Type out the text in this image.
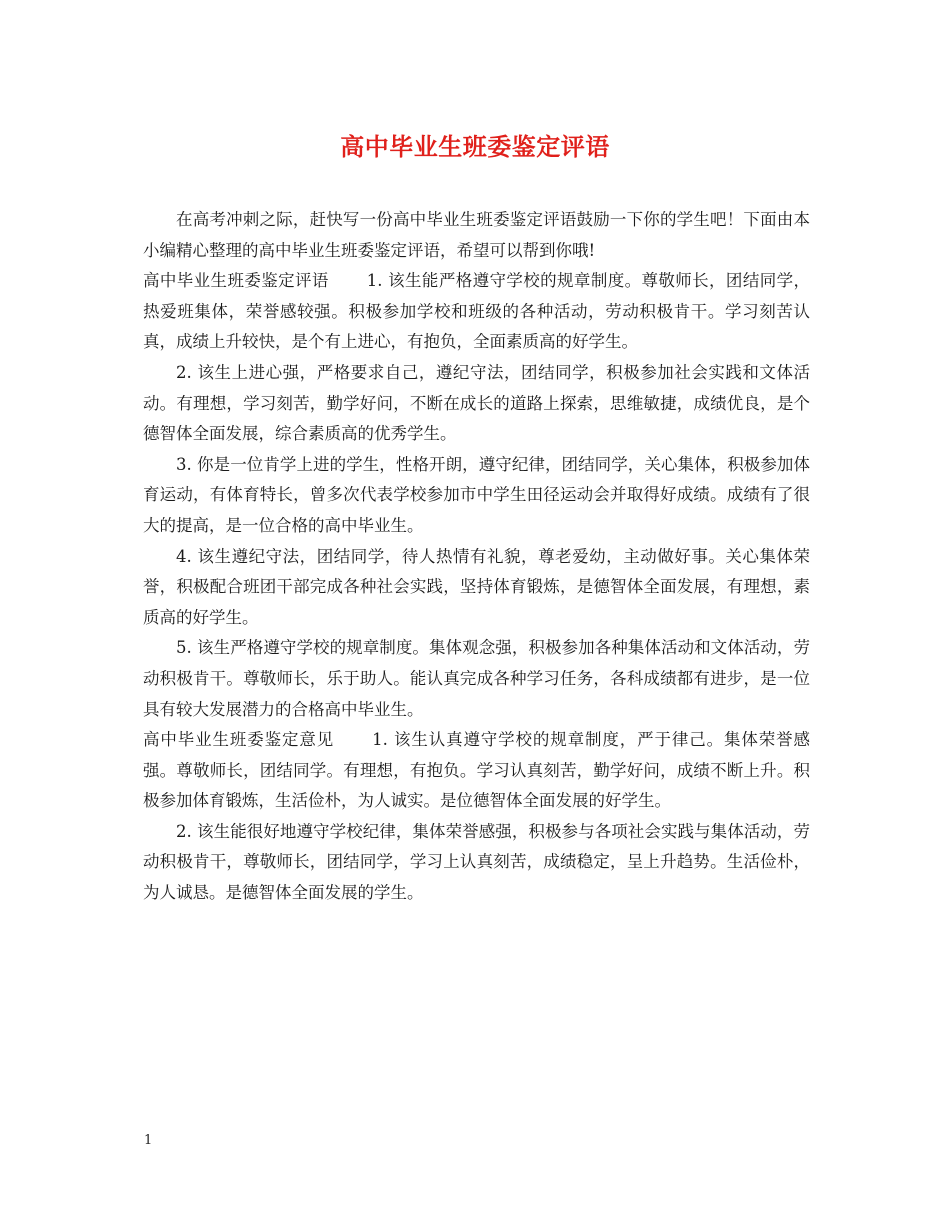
高中毕业生班委鉴定评语

在高考冲刺之际，赶快写一份高中毕业生班委鉴定评语鼓励一下你的学生吧！下面由本小编精心整理的高中毕业生班委鉴定评语，希望可以帮到你哦!

高中毕业生班委鉴定评语 1. 该生能严格遵守学校的规章制度。尊敬师长，团结同学，热爱班集体，荣誉感较强。积极参加学校和班级的各种活动，劳动积极肯干。学习刻苦认真，成绩上升较快，是个有上进心，有抱负，全面素质高的好学生。

2. 该生上进心强，严格要求自己，遵纪守法，团结同学，积极参加社会实践和文体活动。有理想，学习刻苦，勤学好问，不断在成长的道路上探索，思维敏捷，成绩优良，是个德智体全面发展，综合素质高的优秀学生。

3. 你是一位肯学上进的学生，性格开朗，遵守纪律，团结同学，关心集体，积极参加体育运动，有体育特长，曾多次代表学校参加市中学生田径运动会并取得好成绩。成绩有了很大的提高，是一位合格的高中毕业生。

4. 该生遵纪守法，团结同学，待人热情有礼貌，尊老爱幼，主动做好事。关心集体荣誉，积极配合班团干部完成各种社会实践，坚持体育锻炼，是德智体全面发展，有理想，素质高的好学生。

5. 该生严格遵守学校的规章制度。集体观念强，积极参加各种集体活动和文体活动，劳动积极肯干。尊敬师长，乐于助人。能认真完成各种学习任务，各科成绩都有进步，是一位具有较大发展潜力的合格高中毕业生。

高中毕业生班委鉴定意见 1. 该生认真遵守学校的规章制度，严于律己。集体荣誉感强。尊敬师长，团结同学。有理想，有抱负。学习认真刻苦，勤学好问，成绩不断上升。积极参加体育锻炼，生活俭朴，为人诚实。是位德智体全面发展的好学生。

2. 该生能很好地遵守学校纪律，集体荣誉感强，积极参与各项社会实践与集体活动，劳动积极肯干，尊敬师长，团结同学，学习上认真刻苦，成绩稳定，呈上升趋势。生活俭朴，为人诚恳。是德智体全面发展的学生。

1
